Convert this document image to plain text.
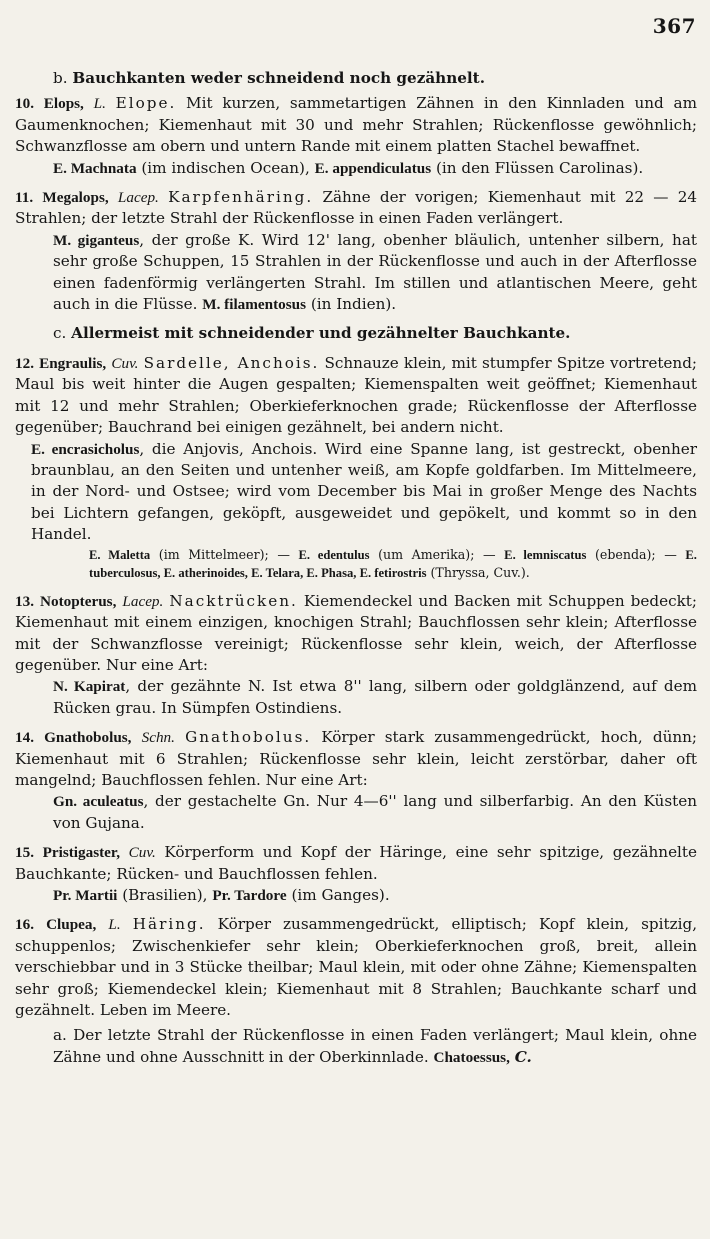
367

b. Bauchkanten weder schneidend noch gezähnelt.

10. Elops, L. Elope. Mit kurzen, sammetartigen Zähnen in den Kinnladen und am Gaumenknochen; Kiemenhaut mit 30 und mehr Strahlen; Rückenflosse gewöhnlich; Schwanzflosse am obern und untern Rande mit einem platten Stachel bewaffnet.

E. Machnata (im indischen Ocean), E. appendiculatus (in den Flüssen Carolinas).

11. Megalops, Lacep. Karpfenhäring. Zähne der vorigen; Kiemenhaut mit 22 — 24 Strahlen; der letzte Strahl der Rückenflosse in einen Faden verlängert.

M. giganteus, der große K. Wird 12' lang, obenher bläulich, untenher silbern, hat sehr große Schuppen, 15 Strahlen in der Rückenflosse und auch in der Afterflosse einen fadenförmig verlängerten Strahl. Im stillen und atlantischen Meere, geht auch in die Flüsse. M. filamentosus (in Indien).

c. Allermeist mit schneidender und gezähnelter Bauchkante.

12. Engraulis, Cuv. Sardelle, Anchois. Schnauze klein, mit stumpfer Spitze vortretend; Maul bis weit hinter die Augen gespalten; Kiemenspalten weit geöffnet; Kiemenhaut mit 12 und mehr Strahlen; Oberkieferknochen grade; Rückenflosse der Afterflosse gegenüber; Bauchrand bei einigen gezähnelt, bei andern nicht.

E. encrasicholus, die Anjovis, Anchois. Wird eine Spanne lang, ist gestreckt, obenher braunblau, an den Seiten und untenher weiß, am Kopfe goldfarben. Im Mittelmeere, in der Nord- und Ostsee; wird vom December bis Mai in großer Menge des Nachts bei Lichtern gefangen, geköpft, ausgeweidet und gepökelt, und kommt so in den Handel.

E. Maletta (im Mittelmeer); — E. edentulus (um Amerika); — E. lemniscatus (ebenda); — E. tuberculosus, E. atherinoides, E. Telara, E. Phasa, E. fetirostris (Thryssa, Cuv.).

13. Notopterus, Lacep. Nacktrücken. Kiemendeckel und Backen mit Schuppen bedeckt; Kiemenhaut mit einem einzigen, knochigen Strahl; Bauchflossen sehr klein; Afterflosse mit der Schwanzflosse vereinigt; Rückenflosse sehr klein, weich, der Afterflosse gegenüber. Nur eine Art:

N. Kapirat, der gezähnte N. Ist etwa 8'' lang, silbern oder goldglänzend, auf dem Rücken grau. In Sümpfen Ostindiens.

14. Gnathobolus, Schn. Gnathobolus. Körper stark zusammengedrückt, hoch, dünn; Kiemenhaut mit 6 Strahlen; Rückenflosse sehr klein, leicht zerstörbar, daher oft mangelnd; Bauchflossen fehlen. Nur eine Art:

Gn. aculeatus, der gestachelte Gn. Nur 4—6'' lang und silberfarbig. An den Küsten von Gujana.

15. Pristigaster, Cuv. Körperform und Kopf der Häringe, eine sehr spitzige, gezähnelte Bauchkante; Rücken- und Bauchflossen fehlen.

Pr. Martii (Brasilien), Pr. Tardore (im Ganges).

16. Clupea, L. Häring. Körper zusammengedrückt, elliptisch; Kopf klein, spitzig, schuppenlos; Zwischenkiefer sehr klein; Oberkieferknochen groß, breit, allein verschiebbar und in 3 Stücke theilbar; Maul klein, mit oder ohne Zähne; Kiemenspalten sehr groß; Kiemendeckel klein; Kiemenhaut mit 8 Strahlen; Bauchkante scharf und gezähnelt. Leben im Meere.

a. Der letzte Strahl der Rückenflosse in einen Faden verlängert; Maul klein, ohne Zähne und ohne Ausschnitt in der Oberkinnlade. Chatoessus, C.
